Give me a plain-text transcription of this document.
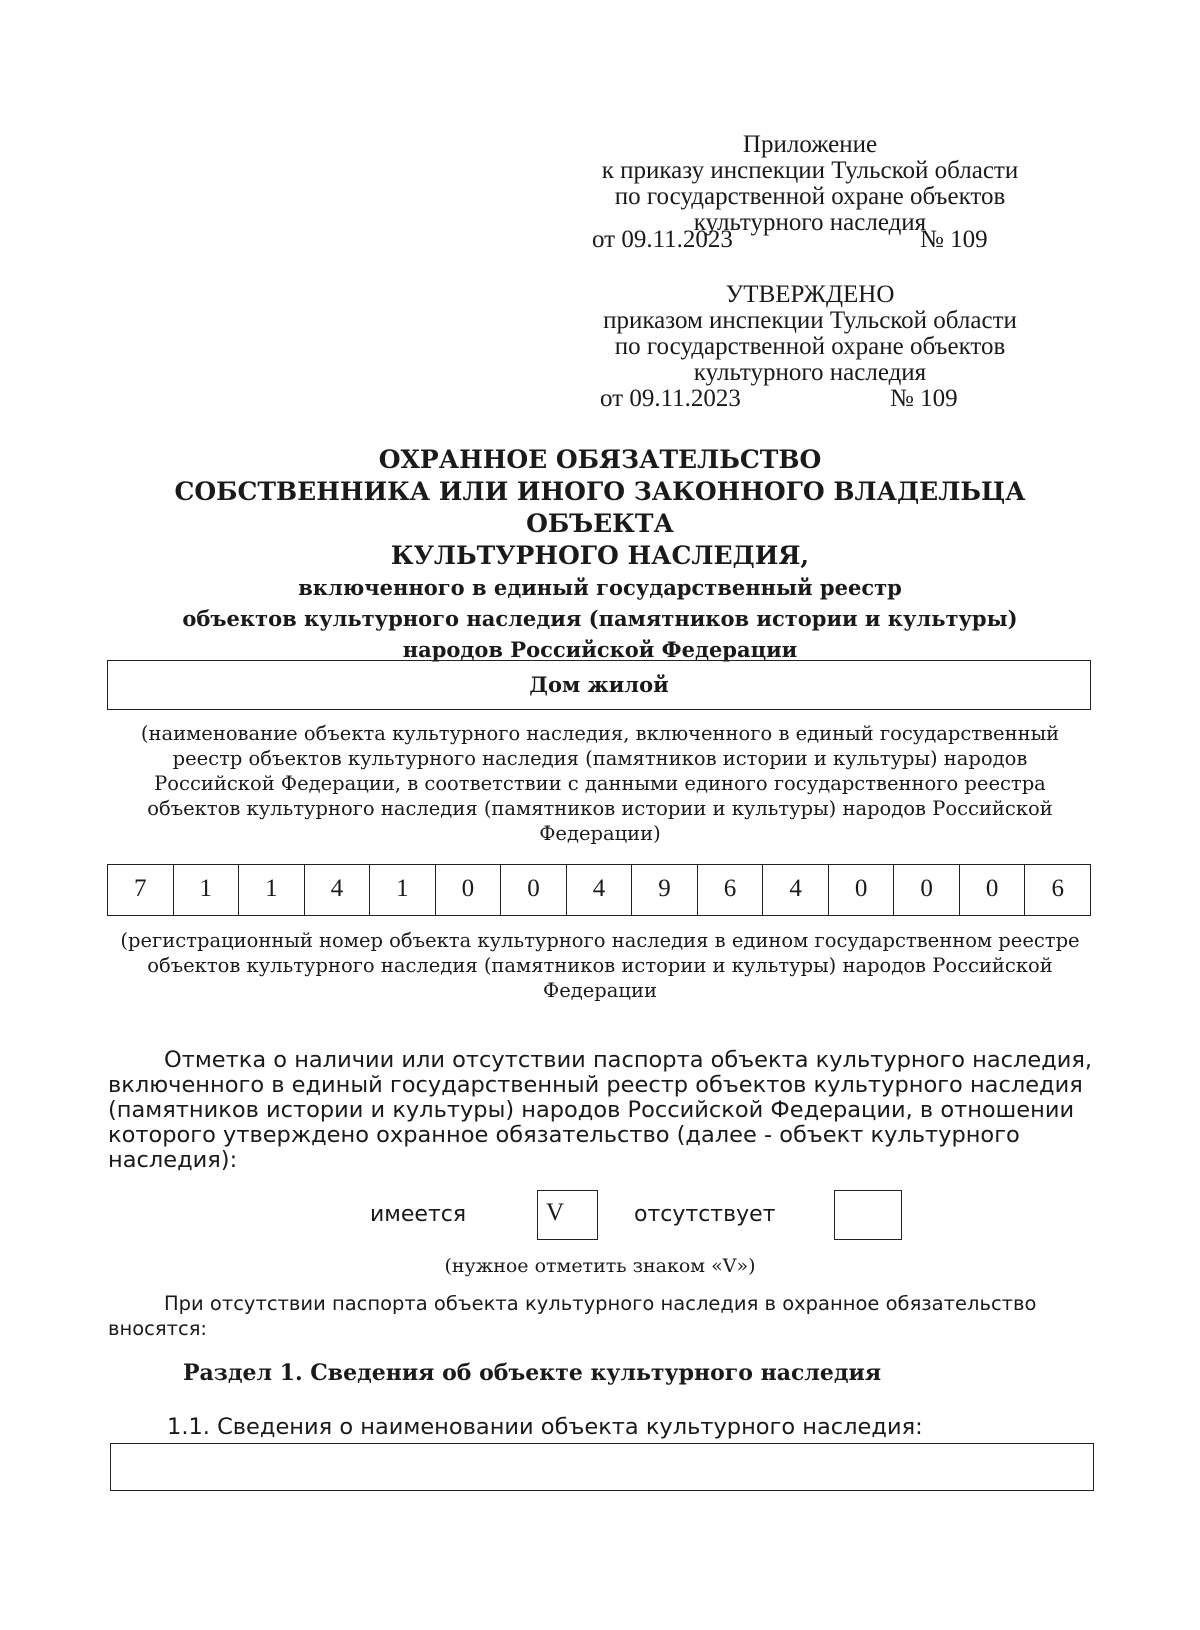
Приложение
к приказу инспекции Тульской области
по государственной охране объектов
культурного наследия
от 09.11.2023	№ 109
УТВЕРЖДЕНО
приказом инспекции Тульской области
по государственной охране объектов
культурного наследия
от 09.11.2023	№ 109
ОХРАННОЕ ОБЯЗАТЕЛЬСТВО
СОБСТВЕННИКА ИЛИ ИНОГО ЗАКОННОГО ВЛАДЕЛЬЦА ОБЪЕКТА
КУЛЬТУРНОГО НАСЛЕДИЯ,
включенного в единый государственный реестр
объектов культурного наследия (памятников истории и культуры)
народов Российской Федерации
Дом жилой
(наименование объекта культурного наследия, включенного в единый государственный
реестр объектов культурного наследия (памятников истории и культуры) народов
Российской Федерации, в соответствии с данными единого государственного реестра
объектов культурного наследия (памятников истории и культуры) народов Российской
Федерации)
7	1	1	4	1	0	0	4	9	6	4	0	0	0	6
(регистрационный номер объекта культурного наследия в едином государственном реестре
объектов культурного наследия (памятников истории и культуры) народов Российской
Федерации
Отметка о наличии или отсутствии паспорта объекта культурного наследия,
включенного в единый государственный реестр объектов культурного наследия
(памятников истории и культуры) народов Российской Федерации, в отношении
которого утверждено охранное обязательство (далее - объект культурного
наследия):
имеется	V	отсутствует
(нужное отметить знаком «V»)
При отсутствии паспорта объекта культурного наследия в охранное обязательство
вносятся:
Раздел 1. Сведения об объекте культурного наследия
1.1. Сведения о наименовании объекта культурного наследия:
